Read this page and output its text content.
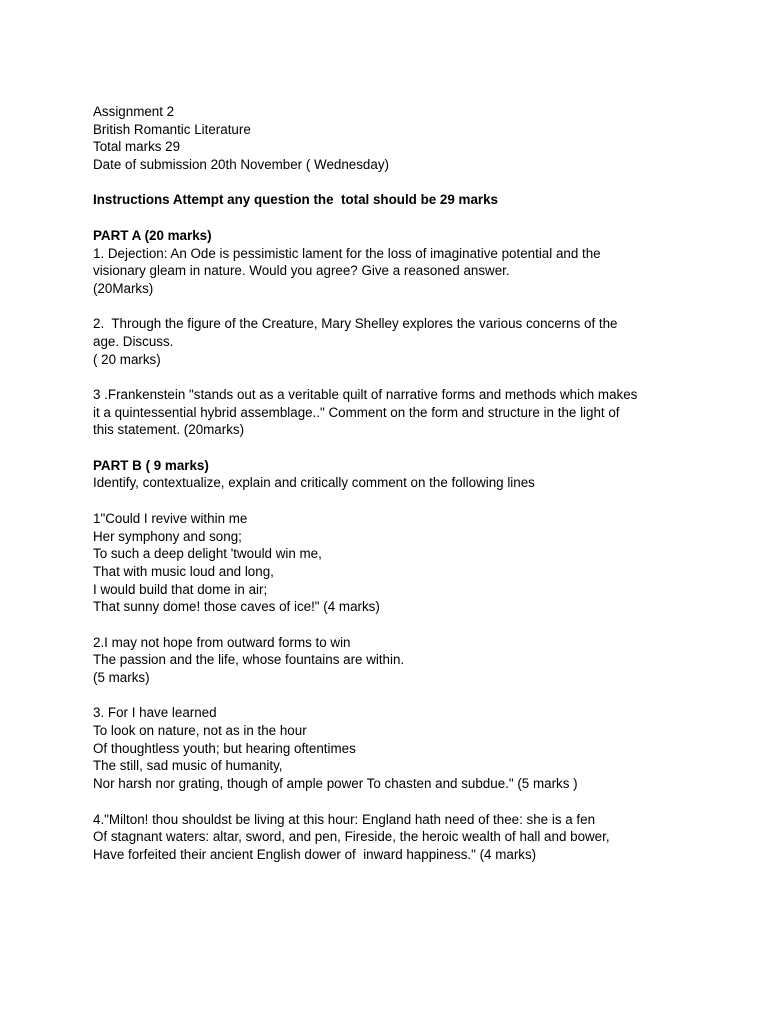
Assignment 2
British Romantic Literature
Total marks 29
Date of submission 20th November ( Wednesday)
Instructions Attempt any question the  total should be 29 marks
PART A (20 marks)
1. Dejection: An Ode is pessimistic lament for the loss of imaginative potential and the
visionary gleam in nature. Would you agree? Give a reasoned answer.
(20Marks)
2.  Through the figure of the Creature, Mary Shelley explores the various concerns of the
age. Discuss.
( 20 marks)
3 .Frankenstein "stands out as a veritable quilt of narrative forms and methods which makes
it a quintessential hybrid assemblage.." Comment on the form and structure in the light of
this statement. (20marks)
PART B ( 9 marks)
Identify, contextualize, explain and critically comment on the following lines
1"Could I revive within me
Her symphony and song;
To such a deep delight 'twould win me,
That with music loud and long,
I would build that dome in air;
That sunny dome! those caves of ice!" (4 marks)
2.I may not hope from outward forms to win
The passion and the life, whose fountains are within.
(5 marks)
3. For I have learned
To look on nature, not as in the hour
Of thoughtless youth; but hearing oftentimes
The still, sad music of humanity,
Nor harsh nor grating, though of ample power To chasten and subdue." (5 marks )
4."Milton! thou shouldst be living at this hour: England hath need of thee: she is a fen
Of stagnant waters: altar, sword, and pen, Fireside, the heroic wealth of hall and bower,
Have forfeited their ancient English dower of  inward happiness." (4 marks)
